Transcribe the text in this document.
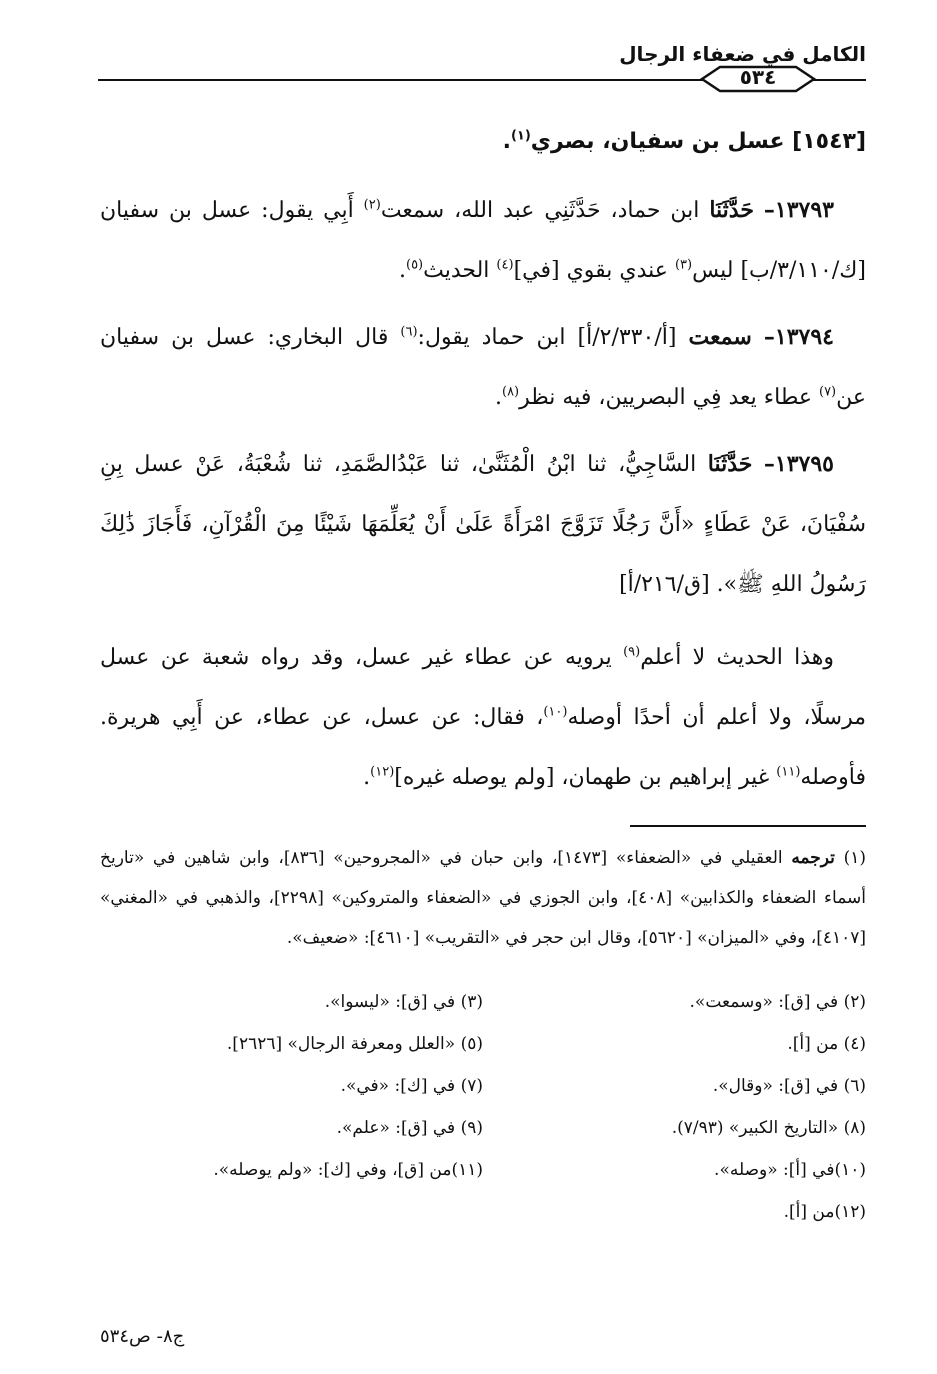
الكامل في ضعفاء الرجال
٥٣٤
[١٥٤٣] عسل بن سفيان، بصري$^{(١)}$.

١٣٧٩٣– حَدَّثَنَا ابن حماد، حَدَّثَنِي عبد الله، سمعت$^{(٢)}$ أَبِي يقول: عسل بن سفيان [ك/٣/١١٠/ب] ليس$^{(٣)}$ عندي بقوي [في]$^{(٤)}$ الحديث$^{(٥)}$.

١٣٧٩٤– سمعت [أ/٢/٣٣٠/أ] ابن حماد يقول:$^{(٦)}$ قال البخاري: عسل بن سفيان عن$^{(٧)}$ عطاء يعد فِي البصريين، فيه نظر$^{(٨)}$.

١٣٧٩٥– حَدَّثَنَا السَّاجِيُّ، ثنا ابْنُ الْمُثَنَّىٰ، ثنا عَبْدُالصَّمَدِ، ثنا شُعْبَةُ، عَنْ عسل بِنِ سُفْيَانَ، عَنْ عَطَاءٍ «أَنَّ رَجُلًا تَزَوَّجَ امْرَأَةً عَلَىٰ أَنْ يُعَلِّمَهَا شَيْئًا مِنَ الْقُرْآنِ، فَأَجَازَ ذَٰلِكَ رَسُولُ اللهِ ﷺ». [ق/٢١٦/أ]

وهذا الحديث لا أعلم$^{(٩)}$ يرويه عن عطاء غير عسل، وقد رواه شعبة عن عسل مرسلًا، ولا أعلم أن أحدًا أوصله$^{(١٠)}$، فقال: عن عسل، عن عطاء، عن أَبِي هريرة. فأوصله$^{(١١)}$ غير إبراهيم بن طهمان، [ولم يوصله غيره]$^{(١٢)}$.

(١) ترجمه العقيلي في «الضعفاء» [١٤٧٣]، وابن حبان في «المجروحين» [٨٣٦]، وابن شاهين في «تاريخ أسماء الضعفاء والكذابين» [٤٠٨]، وابن الجوزي في «الضعفاء والمتروكين» [٢٢٩٨]، والذهبي في «المغني» [٤١٠٧]، وفي «الميزان» [٥٦٢٠]، وقال ابن حجر في «التقريب» [٤٦١٠]: «ضعيف».
(٢) في [ق]: «وسمعت».
(٣) في [ق]: «ليسوا».
(٤) من [أ].
(٥) «العلل ومعرفة الرجال» [٢٦٢٦].
(٦) في [ق]: «وقال».
(٧) في [ك]: «في».
(٨) «التاريخ الكبير» (٧/٩٣).
(٩) في [ق]: «علم».
(١٠)في [أ]: «وصله».
(١١)من [ق]، وفي [ك]: «ولم يوصله».
(١٢)من [أ].
ج٨- ص٥٣٤
